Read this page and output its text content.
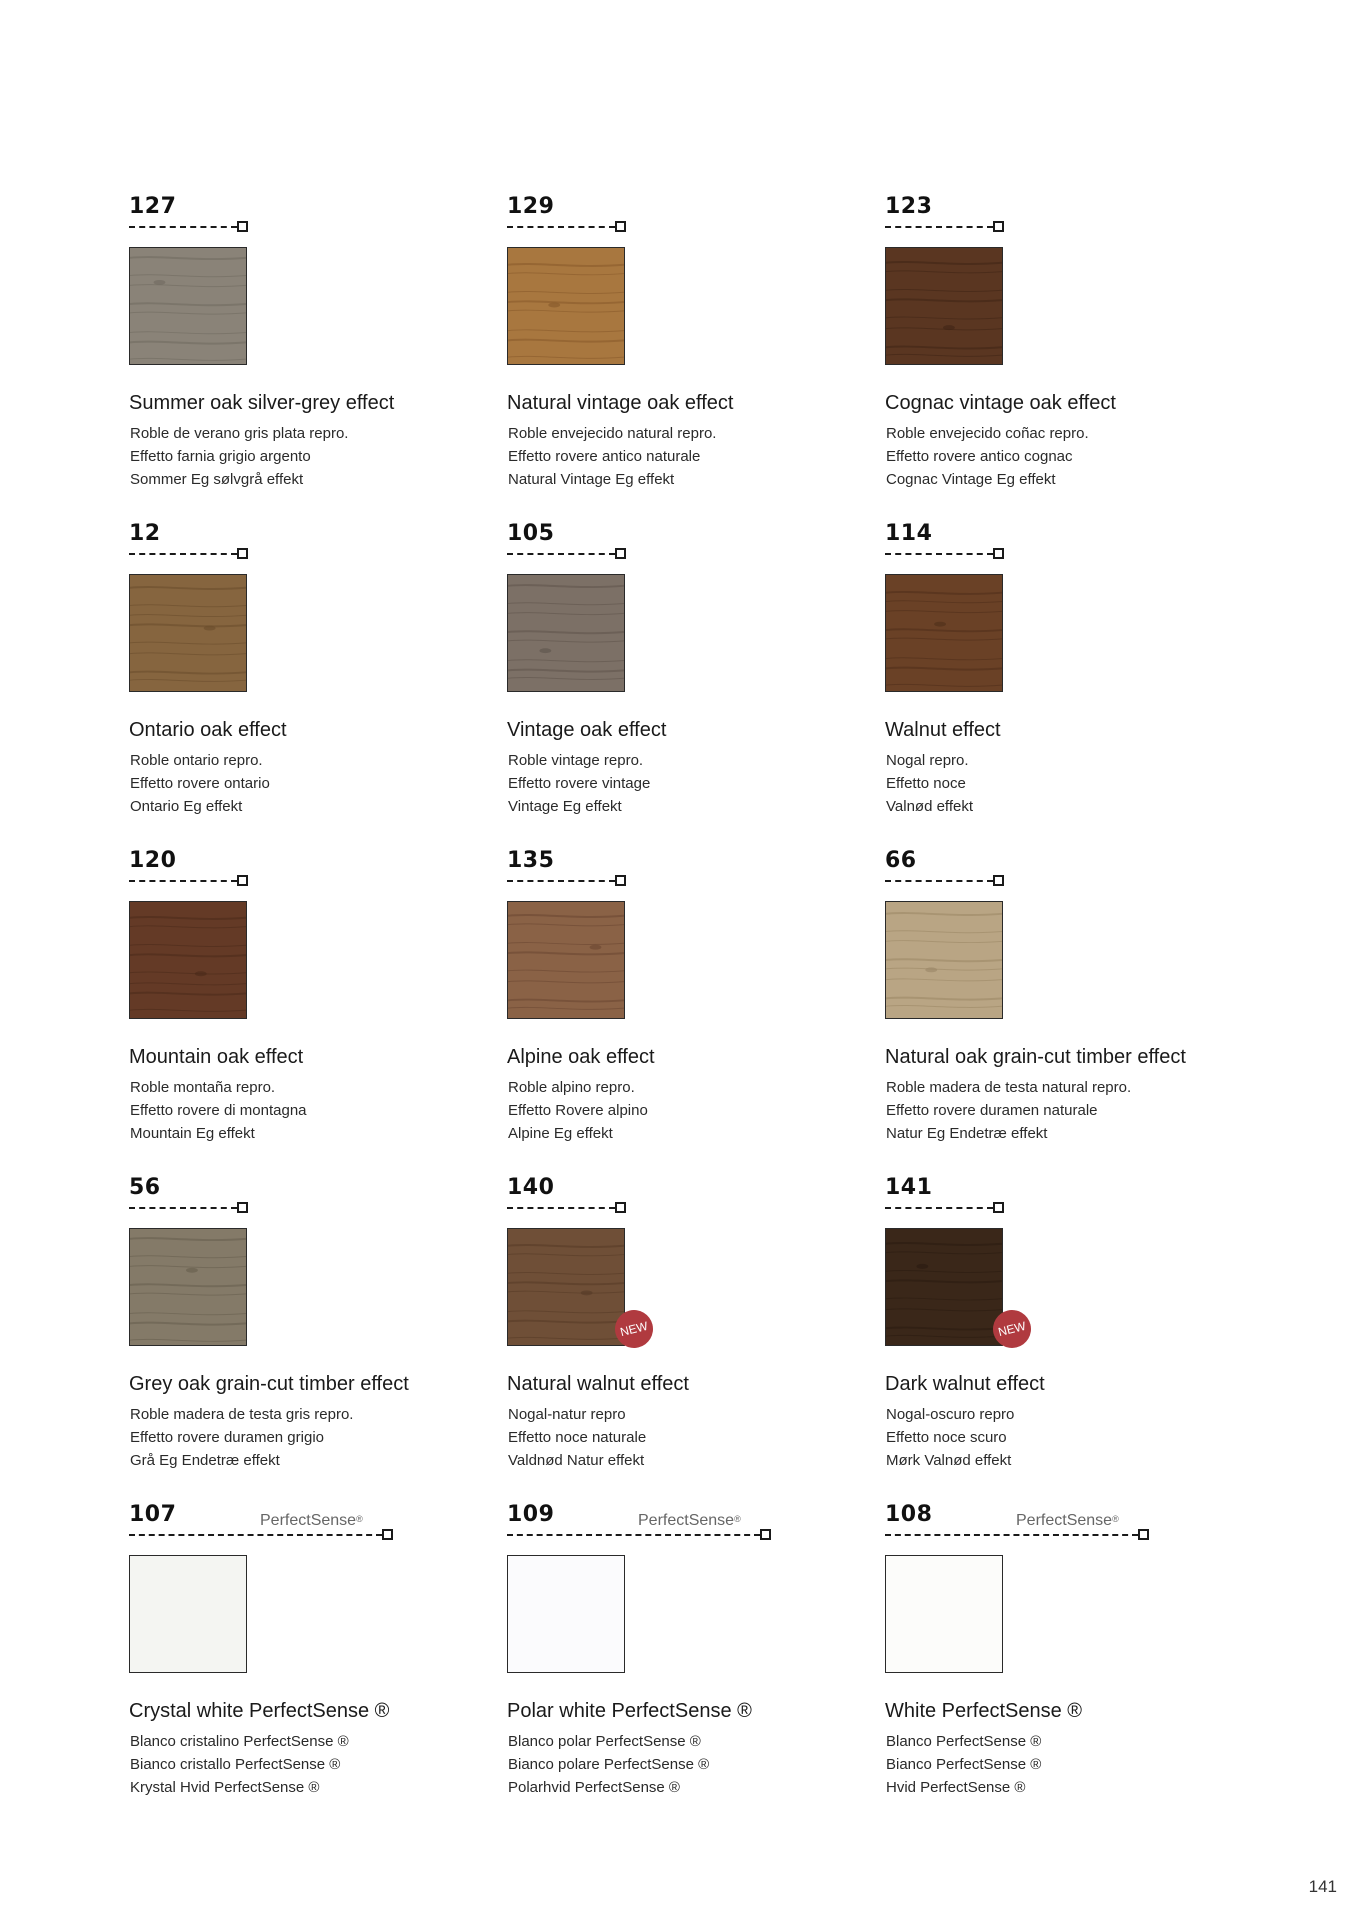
127
Summer oak silver-grey effect
Roble de verano gris plata repro.
Effetto farnia grigio argento
Sommer Eg sølvgrå effekt
129
Natural vintage oak effect
Roble envejecido natural repro.
Effetto rovere antico naturale
Natural Vintage Eg effekt
123
Cognac vintage oak effect
Roble envejecido coñac repro.
Effetto rovere antico cognac
Cognac Vintage Eg effekt
12
Ontario oak effect
Roble ontario repro.
Effetto rovere ontario
Ontario Eg effekt
105
Vintage oak effect
Roble vintage repro.
Effetto rovere vintage
Vintage Eg effekt
114
Walnut effect
Nogal repro.
Effetto noce
Valnød effekt
120
Mountain oak effect
Roble montaña repro.
Effetto rovere di montagna
Mountain Eg effekt
135
Alpine oak effect
Roble alpino repro.
Effetto Rovere alpino
Alpine Eg effekt
66
Natural oak grain-cut timber effect
Roble madera de testa natural repro.
Effetto rovere duramen naturale
Natur Eg Endetræ effekt
56
Grey oak grain-cut timber effect
Roble madera de testa gris repro.
Effetto rovere duramen grigio
Grå Eg Endetræ effekt
140
NEW
Natural walnut effect
Nogal-natur repro
Effetto noce naturale
Valdnød Natur effekt
141
NEW
Dark walnut effect
Nogal-oscuro repro
Effetto noce scuro
Mørk Valnød effekt
107	PerfectSense®
Crystal white PerfectSense ®
Blanco cristalino PerfectSense ®
Bianco cristallo PerfectSense ®
Krystal Hvid PerfectSense ®
109	PerfectSense®
Polar white PerfectSense ®
Blanco polar PerfectSense ®
Bianco polare PerfectSense ®
Polarhvid PerfectSense ®
108	PerfectSense®
White PerfectSense ®
Blanco PerfectSense ®
Bianco PerfectSense ®
Hvid PerfectSense ®
141
